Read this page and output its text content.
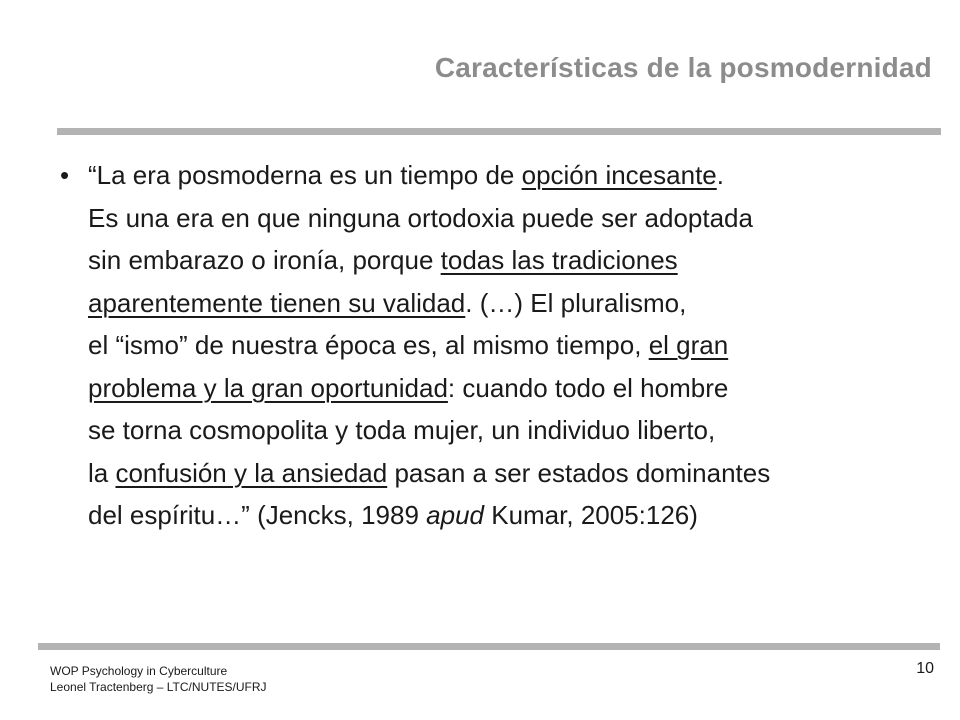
Características de la posmodernidad
• “La era posmoderna es un tiempo de opción incesante.
Es una era en que ninguna ortodoxia puede ser adoptada
sin embarazo o ironía, porque todas las tradiciones
aparentemente tienen su validad. (…) El pluralismo,
el “ismo” de nuestra época es, al mismo tiempo, el gran
problema y la gran oportunidad: cuando todo el hombre
se torna cosmopolita y toda mujer, un individuo liberto,
la confusión y la ansiedad pasan a ser estados dominantes
del espíritu…” (Jencks, 1989 apud Kumar, 2005:126)
WOP Psychology in Cyberculture
Leonel Tractenberg – LTC/NUTES/UFRJ
10
